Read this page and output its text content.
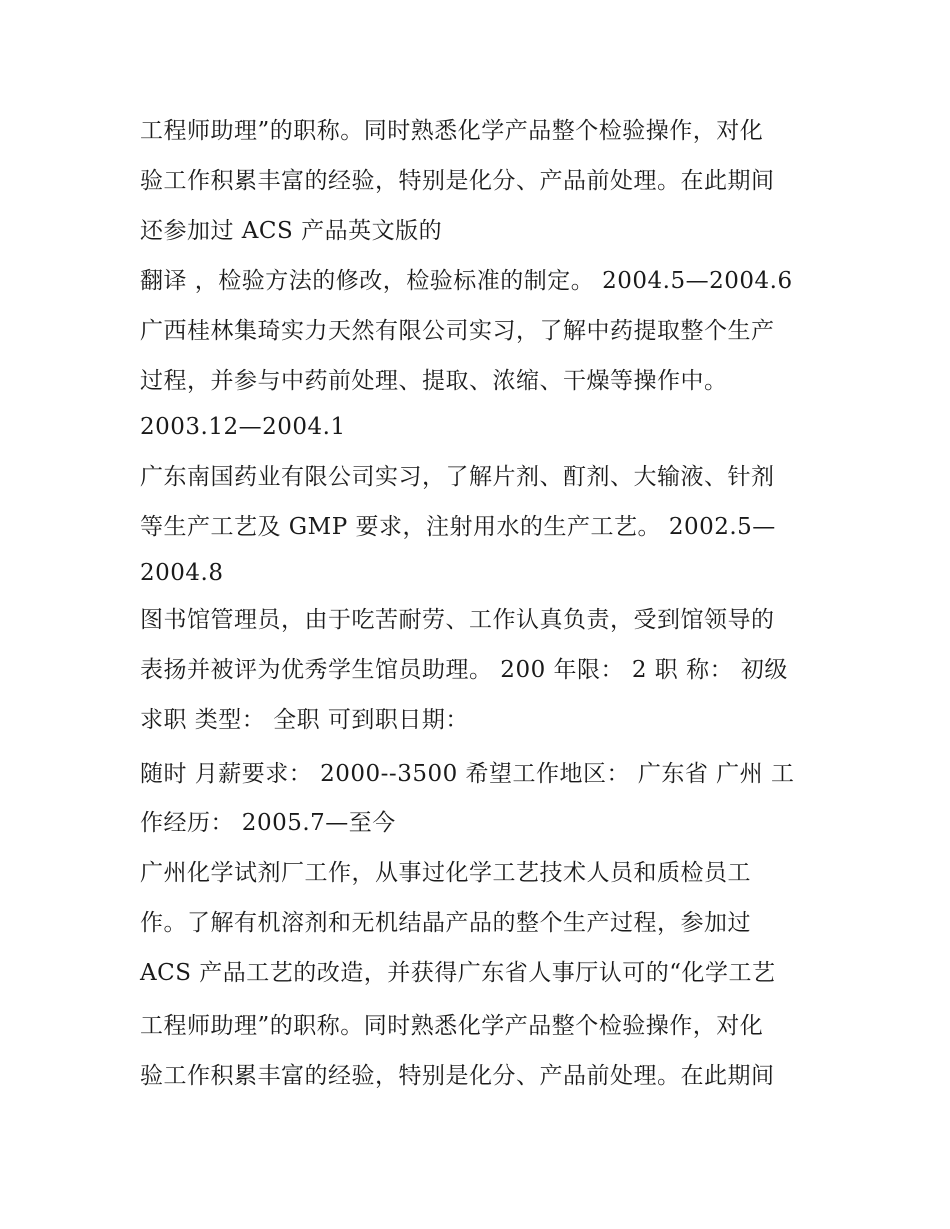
工程师助理”的职称。同时熟悉化学产品整个检验操作，对化
验工作积累丰富的经验，特别是化分、产品前处理。在此期间
还参加过 ACS 产品英文版的
翻译 ，检验方法的修改，检验标准的制定。 2004.5—2004.6
广西桂林集琦实力天然有限公司实习，了解中药提取整个生产
过程，并参与中药前处理、提取、浓缩、干燥等操作中。
2003.12—2004.1
广东南国药业有限公司实习，了解片剂、酊剂、大输液、针剂
等生产工艺及 GMP 要求，注射用水的生产工艺。 2002.5—
2004.8
图书馆管理员，由于吃苦耐劳、工作认真负责，受到馆领导的
表扬并被评为优秀学生馆员助理。 200 年限： 2 职 称： 初级
求职 类型： 全职 可到职日期：
随时 月薪要求： 2000--3500 希望工作地区： 广东省 广州 工
作经历： 2005.7—至今
广州化学试剂厂工作，从事过化学工艺技术人员和质检员工
作。了解有机溶剂和无机结晶产品的整个生产过程，参加过
ACS 产品工艺的改造，并获得广东省人事厅认可的“化学工艺
工程师助理”的职称。同时熟悉化学产品整个检验操作，对化
验工作积累丰富的经验，特别是化分、产品前处理。在此期间
